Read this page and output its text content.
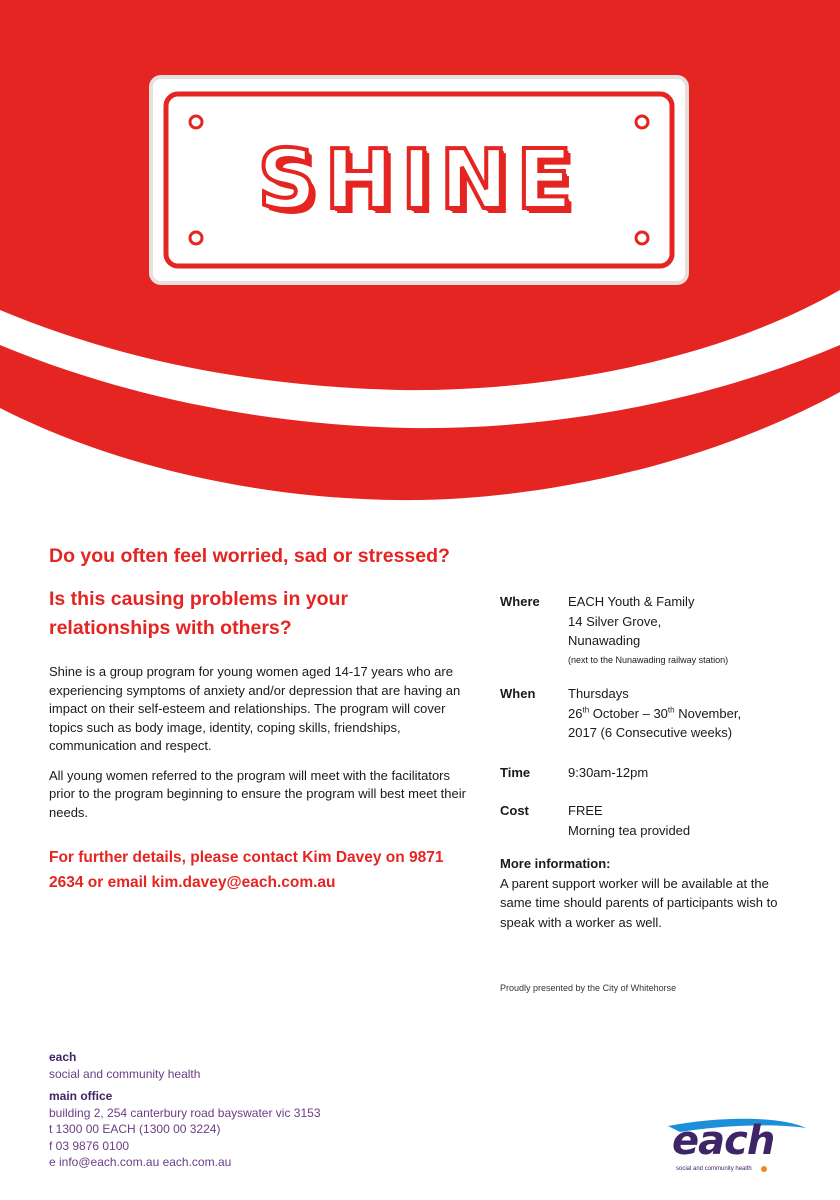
SHINE
Do you often feel worried, sad or stressed?
Is this causing problems in your relationships with others?

Shine is a group program for young women aged 14-17 years who are experiencing symptoms of anxiety and/or depression that are having an impact on their self-esteem and relationships. The program will cover topics such as body image, identity, coping skills, friendships, communication and respect.

All young women referred to the program will meet with the facilitators prior to the program beginning to ensure the program will best meet their needs.

For further details, please contact Kim Davey on 9871 2634 or email kim.davey@each.com.au
Where	EACH Youth & Family
14 Silver Grove,
Nunawading
(next to the Nunawading railway station)
When	Thursdays
26th October – 30th November,
2017 (6 Consecutive weeks)
Time	9:30am-12pm
Cost	FREE
Morning tea provided
More information:
A parent support worker will be available at the same time should parents of participants wish to speak with a worker as well.
Proudly presented by the City of Whitehorse
each
social and community health
main office
building 2, 254 canterbury road bayswater vic 3153
t 1300 00 EACH (1300 00 3224)
f 03 9876 0100
e info@each.com.au each.com.au	each
social and community health
